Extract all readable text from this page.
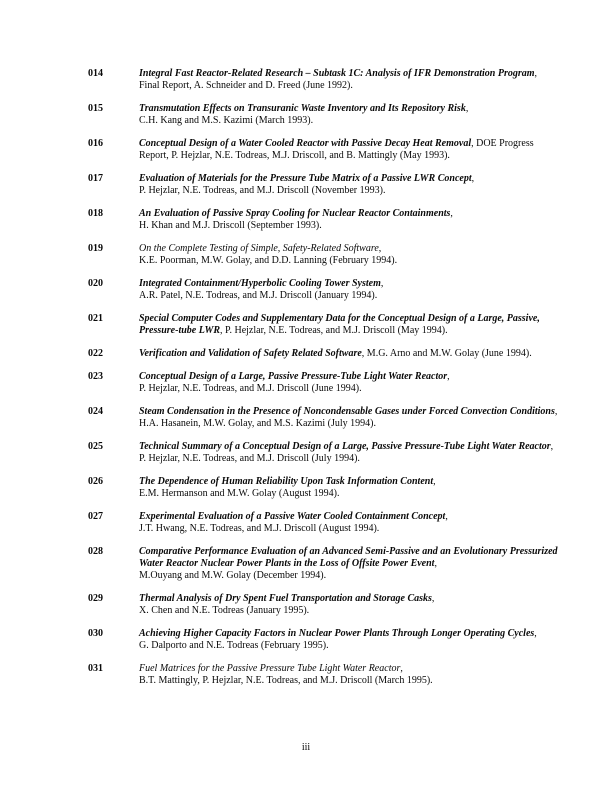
014	Integral Fast Reactor-Related Research – Subtask 1C: Analysis of IFR Demonstration Program,
Final Report, A. Schneider and D. Freed (June 1992).
015	Transmutation Effects on Transuranic Waste Inventory and Its Repository Risk,
C.H. Kang and M.S. Kazimi (March 1993).
016	Conceptual Design of a Water Cooled Reactor with Passive Decay Heat Removal, DOE Progress
Report, P. Hejzlar, N.E. Todreas, M.J. Driscoll, and B. Mattingly (May 1993).
017	Evaluation of Materials for the Pressure Tube Matrix of a Passive LWR Concept,
P. Hejzlar, N.E. Todreas, and M.J. Driscoll (November 1993).
018	An Evaluation of Passive Spray Cooling for Nuclear Reactor Containments,
H. Khan and M.J. Driscoll (September 1993).
019	On the Complete Testing of Simple, Safety-Related Software,
K.E. Poorman, M.W. Golay, and D.D. Lanning (February 1994).
020	Integrated Containment/Hyperbolic Cooling Tower System,
A.R. Patel, N.E. Todreas, and M.J. Driscoll (January 1994).
021	Special Computer Codes and Supplementary Data for the Conceptual Design of a Large, Passive,
Pressure-tube LWR, P. Hejzlar, N.E. Todreas, and M.J. Driscoll (May 1994).
022	Verification and Validation of Safety Related Software, M.G. Arno and M.W. Golay (June 1994).
023	Conceptual Design of a Large, Passive Pressure-Tube Light Water Reactor,
P. Hejzlar, N.E. Todreas, and M.J. Driscoll (June 1994).
024	Steam Condensation in the Presence of Noncondensable Gases under Forced Convection Conditions,
H.A. Hasanein, M.W. Golay, and M.S. Kazimi (July 1994).
025	Technical Summary of a Conceptual Design of a Large, Passive Pressure-Tube Light Water Reactor,
P. Hejzlar, N.E. Todreas, and M.J. Driscoll (July 1994).
026	The Dependence of Human Reliability Upon Task Information Content,
E.M. Hermanson and M.W. Golay (August 1994).
027	Experimental Evaluation of a Passive Water Cooled Containment Concept,
J.T. Hwang, N.E. Todreas, and M.J. Driscoll (August 1994).
028	Comparative Performance Evaluation of an Advanced Semi-Passive and an Evolutionary Pressurized
Water Reactor Nuclear Power Plants in the Loss of Offsite Power Event,
M.Ouyang and M.W. Golay (December 1994).
029	Thermal Analysis of Dry Spent Fuel Transportation and Storage Casks,
X. Chen and N.E. Todreas (January 1995).
030	Achieving Higher Capacity Factors in Nuclear Power Plants Through Longer Operating Cycles,
G. Dalporto and N.E. Todreas (February 1995).
031	Fuel Matrices for the Passive Pressure Tube Light Water Reactor,
B.T. Mattingly, P. Hejzlar, N.E. Todreas, and M.J. Driscoll (March 1995).
iii
